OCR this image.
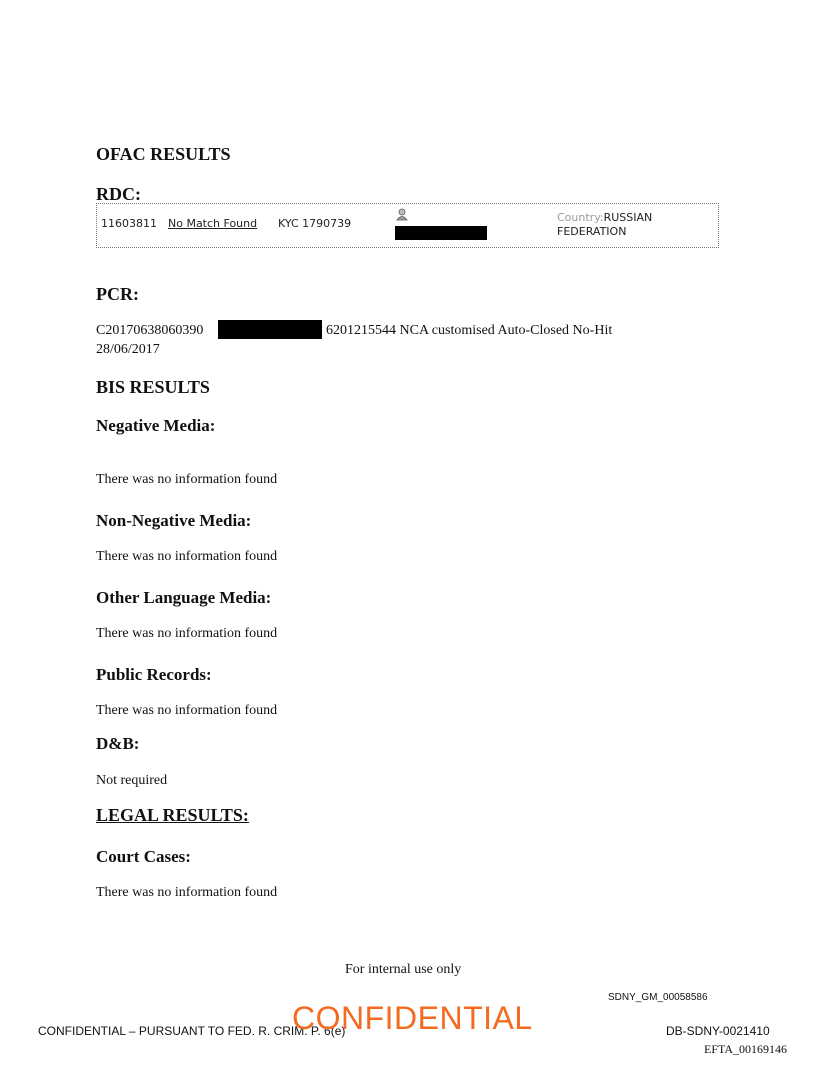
OFAC RESULTS
RDC:
11603811 No Match Found KYC 1790739	Country:RUSSIAN
FEDERATION
PCR:
C20170638060390	6201215544 NCA customised Auto-Closed No-Hit
28/06/2017
BIS RESULTS
Negative Media:
There was no information found
Non-Negative Media:
There was no information found
Other Language Media:
There was no information found
Public Records:
There was no information found
D&B:
Not required
LEGAL RESULTS:
Court Cases:
There was no information found
For internal use only
SDNY_GM_00058586
CONFIDENTIAL – PURSUANT TO FED. R. CRIM. P. 6(e)
CONFIDENTIAL	DB-SDNY-0021410
EFTA_00169146
